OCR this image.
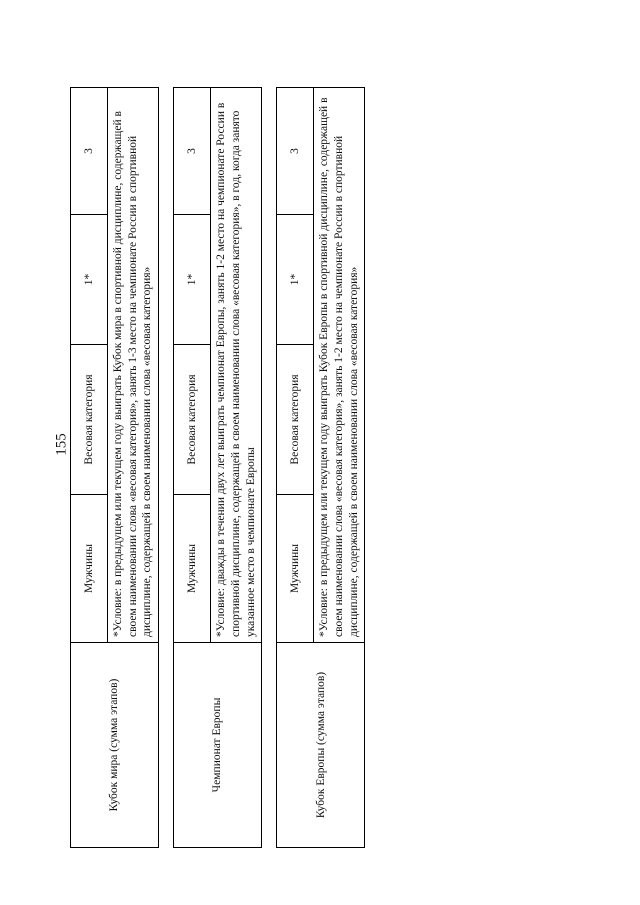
155
Кубок мира (сумма этапов)	Мужчины	Весовая категория	1*	3
	*Условие: в предыдущем или текущем году выиграть Кубок мира в спортивной дисциплине, содержащей в своем наименовании слова «весовая категория», занять 1-3 место на чемпионате России в спортивной дисциплине, содержащей в своем наименовании слова «весовая категория»			

Чемпионат Европы	Мужчины	Весовая категория	1*	3
	*Условие: дважды в течении двух лет выиграть чемпионат Европы, занять 1-2 место на чемпионате России в спортивной дисциплине, содержащей в своем наименовании слова «весовая категория», в год, когда занято указанное место в чемпионате Европы			

Кубок Европы (сумма этапов)	Мужчины	Весовая категория	1*	3
	*Условие: в предыдущем или текущем году выиграть Кубок Европы в спортивной дисциплине, содержащей в своем наименовании слова «весовая категория», занять 1-2 место на чемпионате России в спортивной дисциплине, содержащей в своем наименовании слова «весовая категория»			
